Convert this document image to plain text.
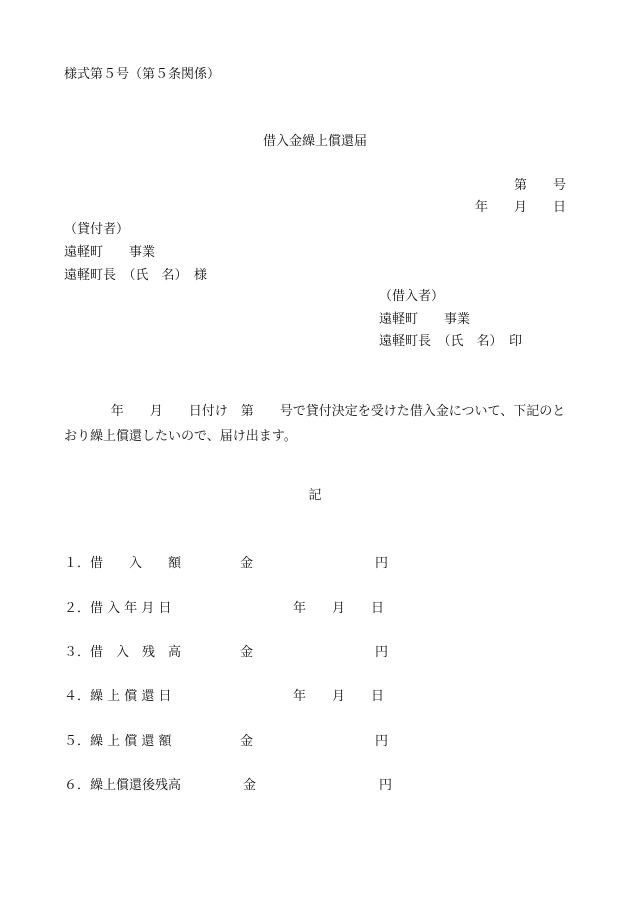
様式第５号（第５条関係）
借入金繰上償還届
第　　号
年　　月　　日
（貸付者）
遠軽町　　事業
遠軽町長　（氏　名）　様
（借入者）
遠軽町　　事業
遠軽町長　（氏　名）　印
年　　月　　日付け　第　　号で貸付決定を受けた借入金について、下記のとおり繰上償還したいので、届け出ます。
記
１．借　　入　　額	金	円
２．借 入 年 月 日	年　　月　　日
３．借　入　残　高	金	円
４．繰 上 償 還 日	年　　月　　日
５．繰 上 償 還 額	金	円
６．繰上償還後残高	金	円
